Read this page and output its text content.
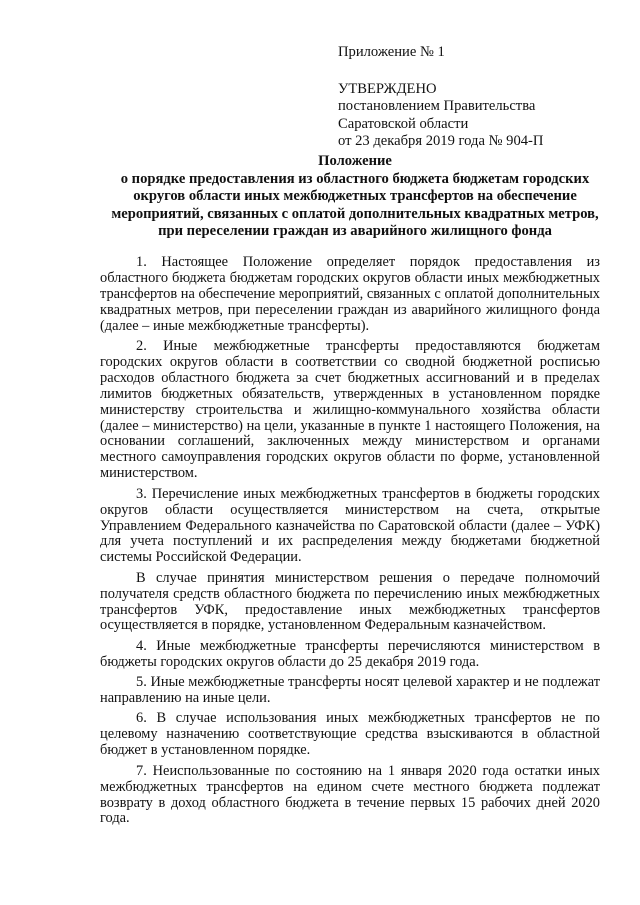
Приложение № 1
УТВЕРЖДЕНО
постановлением Правительства
Саратовской области
от 23 декабря 2019 года № 904-П
Положение
о порядке предоставления из областного бюджета бюджетам городских округов области иных межбюджетных трансфертов на обеспечение мероприятий, связанных с оплатой дополнительных квадратных метров, при переселении граждан из аварийного жилищного фонда

1. Настоящее Положение определяет порядок предоставления из областного бюджета бюджетам городских округов области иных межбюджетных трансфертов на обеспечение мероприятий, связанных с оплатой дополнительных квадратных метров, при переселении граждан из аварийного жилищного фонда (далее – иные межбюджетные трансферты).

2. Иные межбюджетные трансферты предоставляются бюджетам городских округов области в соответствии со сводной бюджетной росписью расходов областного бюджета за счет бюджетных ассигнований и в пределах лимитов бюджетных обязательств, утвержденных в установленном порядке министерству строительства и жилищно-коммунального хозяйства области (далее – министерство) на цели, указанные в пункте 1 настоящего Положения, на основании соглашений, заключенных между министерством и органами местного самоуправления городских округов области по форме, установленной министерством.

3. Перечисление иных межбюджетных трансфертов в бюджеты городских округов области осуществляется министерством на счета, открытые Управлением Федерального казначейства по Саратовской области (далее – УФК) для учета поступлений и их распределения между бюджетами бюджетной системы Российской Федерации.

В случае принятия министерством решения о передаче полномочий получателя средств областного бюджета по перечислению иных межбюджетных трансфертов УФК, предоставление иных межбюджетных трансфертов осуществляется в порядке, установленном Федеральным казначейством.

4. Иные межбюджетные трансферты перечисляются министерством в бюджеты городских округов области до 25 декабря 2019 года.

5. Иные межбюджетные трансферты носят целевой характер и не подлежат направлению на иные цели.

6. В случае использования иных межбюджетных трансфертов не по целевому назначению соответствующие средства взыскиваются в областной бюджет в установленном порядке.

7. Неиспользованные по состоянию на 1 января 2020 года остатки иных межбюджетных трансфертов на едином счете местного бюджета подлежат возврату в доход областного бюджета в течение первых 15 рабочих дней 2020 года.
